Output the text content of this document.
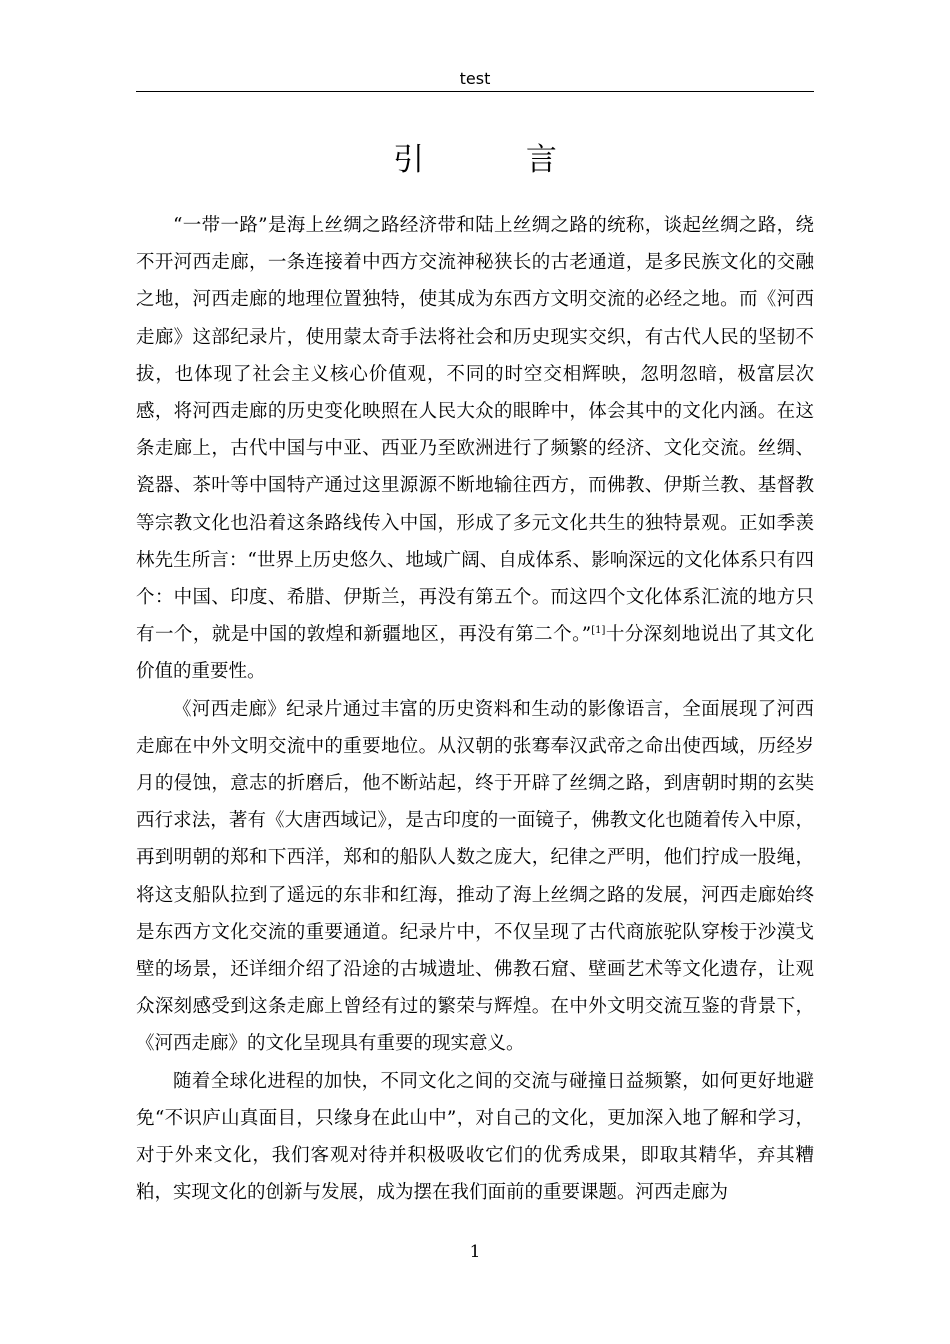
test
引 言

“一带一路”是海上丝绸之路经济带和陆上丝绸之路的统称，谈起丝绸之路，绕不开河西走廊，一条连接着中西方交流神秘狭长的古老通道，是多民族文化的交融之地，河西走廊的地理位置独特，使其成为东西方文明交流的必经之地。而《河西走廊》这部纪录片，使用蒙太奇手法将社会和历史现实交织，有古代人民的坚韧不拔，也体现了社会主义核心价值观，不同的时空交相辉映，忽明忽暗，极富层次感，将河西走廊的历史变化映照在人民大众的眼眸中，体会其中的文化内涵。在这条走廊上，古代中国与中亚、西亚乃至欧洲进行了频繁的经济、文化交流。丝绸、瓷器、茶叶等中国特产通过这里源源不断地输往西方，而佛教、伊斯兰教、基督教等宗教文化也沿着这条路线传入中国，形成了多元文化共生的独特景观。正如季羡林先生所言：“世界上历史悠久、地域广阔、自成体系、影响深远的文化体系只有四个：中国、印度、希腊、伊斯兰，再没有第五个。而这四个文化体系汇流的地方只有一个，就是中国的敦煌和新疆地区，再没有第二个。”[1]十分深刻地说出了其文化价值的重要性。

《河西走廊》纪录片通过丰富的历史资料和生动的影像语言，全面展现了河西走廊在中外文明交流中的重要地位。从汉朝的张骞奉汉武帝之命出使西域，历经岁月的侵蚀，意志的折磨后，他不断站起，终于开辟了丝绸之路，到唐朝时期的玄奘西行求法，著有《大唐西域记》，是古印度的一面镜子，佛教文化也随着传入中原，再到明朝的郑和下西洋，郑和的船队人数之庞大，纪律之严明，他们拧成一股绳，将这支船队拉到了遥远的东非和红海，推动了海上丝绸之路的发展，河西走廊始终是东西方文化交流的重要通道。纪录片中，不仅呈现了古代商旅驼队穿梭于沙漠戈壁的场景，还详细介绍了沿途的古城遗址、佛教石窟、壁画艺术等文化遗存，让观众深刻感受到这条走廊上曾经有过的繁荣与辉煌。在中外文明交流互鉴的背景下，《河西走廊》的文化呈现具有重要的现实意义。

随着全球化进程的加快，不同文化之间的交流与碰撞日益频繁，如何更好地避免“不识庐山真面目，只缘身在此山中”，对自己的文化，更加深入地了解和学习，对于外来文化，我们客观对待并积极吸收它们的优秀成果，即取其精华，弃其糟粕，实现文化的创新与发展，成为摆在我们面前的重要课题。河西走廊为

1
